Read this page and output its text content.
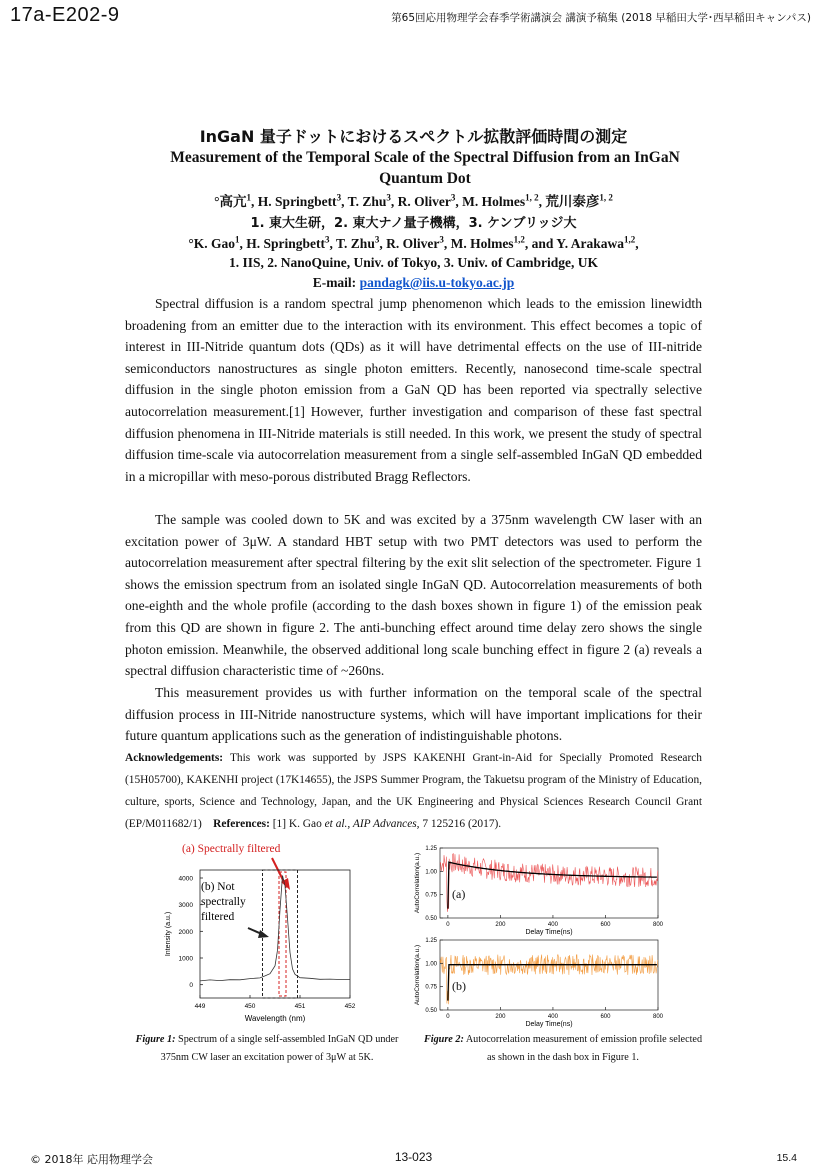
17a-E202-9	第65回応用物理学会春季学術講演会 講演予稿集 (2018 早稲田大学･西早稲田キャンパス)
InGaN 量子ドットにおけるスペクトル拡散評価時間の測定
Measurement of the Temporal Scale of the Spectral Diffusion from an InGaN Quantum Dot
°高亢$^1$, H. Springbett$^3$, T. Zhu$^3$, R. Oliver$^3$, M. Holmes$^{1, 2}$, 荒川泰彦$^{1, 2}$
1. 東大生研，2. 東大ナノ量子機構，3. ケンブリッジ大
°K. Gao$^1$, H. Springbett$^3$, T. Zhu$^3$, R. Oliver$^3$, M. Holmes$^{1,2}$, and Y. Arakawa$^{1,2}$,
1. IIS, 2. NanoQuine, Univ. of Tokyo, 3. Univ. of Cambridge, UK
E-mail: pandagk@iis.u-tokyo.ac.jp

Spectral diffusion is a random spectral jump phenomenon which leads to the emission linewidth broadening from an emitter due to the interaction with its environment. This effect becomes a topic of interest in III-Nitride quantum dots (QDs) as it will have detrimental effects on the use of III-nitride semiconductors nanostructures as single photon emitters. Recently, nanosecond time-scale spectral diffusion in the single photon emission from a GaN QD has been reported via spectrally selective autocorrelation measurement.[1] However, further investigation and comparison of these fast spectral diffusion phenomena in III-Nitride materials is still needed. In this work, we present the study of spectral diffusion time-scale via autocorrelation measurement from a single self-assembled InGaN QD embedded in a micropillar with meso-porous distributed Bragg Reflectors.

The sample was cooled down to 5K and was excited by a 375nm wavelength CW laser with an excitation power of 3μW. A standard HBT setup with two PMT detectors was used to perform the autocorrelation measurement after spectral filtering by the exit slit selection of the spectrometer. Figure 1 shows the emission spectrum from an isolated single InGaN QD. Autocorrelation measurements of both one-eighth and the whole profile (according to the dash boxes shown in figure 1) of the emission peak from this QD are shown in figure 2. The anti-bunching effect around time delay zero shows the single photon emission. Meanwhile, the observed additional long scale bunching effect in figure 2 (a) reveals a spectral diffusion characteristic time of ~260ns.

This measurement provides us with further information on the temporal scale of the spectral diffusion process in III-Nitride nanostructure systems, which will have important implications for their future quantum applications such as the generation of indistinguishable photons.

Acknowledgements: This work was supported by JSPS KAKENHI Grant-in-Aid for Specially Promoted Research (15H05700), KAKENHI project (17K14655), the JSPS Summer Program, the Takuetsu program of the Ministry of Education, culture, sports, Science and Technology, Japan, and the UK Engineering and Physical Sciences Research Council Grant (EP/M011682/1) References: [1] K. Gao et al., AIP Advances, 7 125216 (2017).
(a) Spectrally filtered
(b) Not
spectrally
filtered
449	450	451	452
0
1000
2000
3000
4000
Wavelength (nm)
Intensity (a.u.)	0	200	400	600	800
0.50
0.75
1.00
1.25
Delay Time(ns)
AutoCorrelation(a.u.)	(a)
0	200	400	600	800
0.50
0.75
1.00
1.25
Delay Time(ns)
AutoCorrelation(a.u.)	(b)
Figure 1: Spectrum of a single self-assembled InGaN QD under 375nm CW laser an excitation power of 3μW at 5K.
Figure 2: Autocorrelation measurement of emission profile selected as shown in the dash box in Figure 1.
© 2018年 応用物理学会	13-023	15.4
